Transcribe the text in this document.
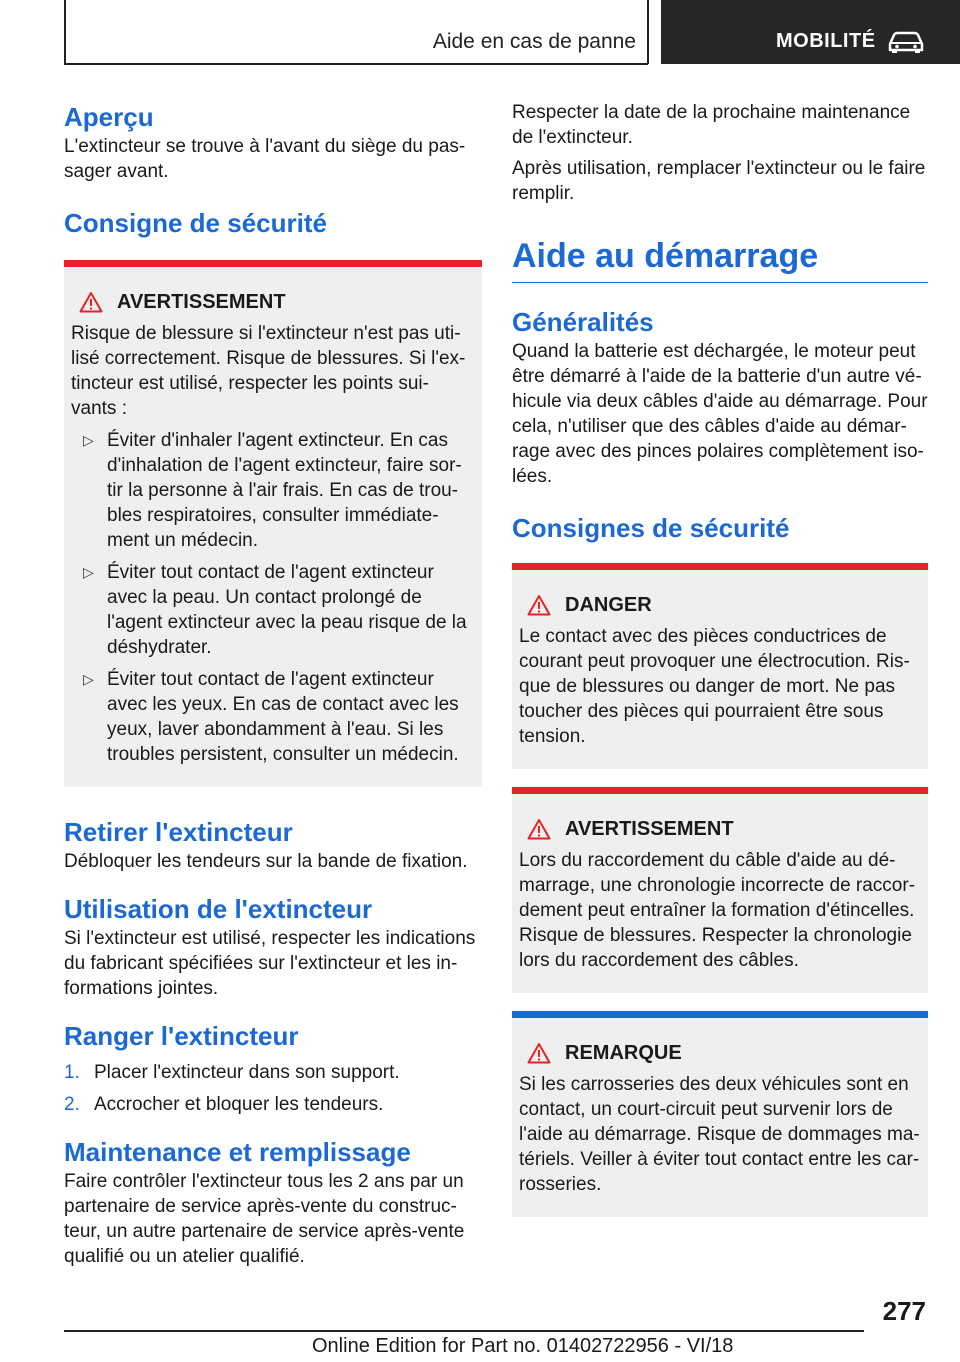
Aide en cas de panne	MOBILITÉ
Aperçu

L'extincteur se trouve à l'avant du siège du pas-sager avant.

Consigne de sécurité
AVERTISSEMENT

Risque de blessure si l'extincteur n'est pas uti-lisé correctement. Risque de blessures. Si l'ex-tincteur est utilisé, respecter les points sui-vants :

▷ Éviter d'inhaler l'agent extincteur. En cas d'inhalation de l'agent extincteur, faire sor-tir la personne à l'air frais. En cas de trou-bles respiratoires, consulter immédiate-ment un médecin.
▷ Éviter tout contact de l'agent extincteur avec la peau. Un contact prolongé de l'agent extincteur avec la peau risque de la déshydrater.
▷ Éviter tout contact de l'agent extincteur avec les yeux. En cas de contact avec les yeux, laver abondamment à l'eau. Si les troubles persistent, consulter un médecin.
Retirer l'extincteur

Débloquer les tendeurs sur la bande de fixation.

Utilisation de l'extincteur

Si l'extincteur est utilisé, respecter les indications du fabricant spécifiées sur l'extincteur et les in-formations jointes.

Ranger l'extincteur
1. Placer l'extincteur dans son support.
2. Accrocher et bloquer les tendeurs.
Maintenance et remplissage

Faire contrôler l'extincteur tous les 2 ans par un partenaire de service après-vente du construc-teur, un autre partenaire de service après-vente qualifié ou un atelier qualifié.

Respecter la date de la prochaine maintenance de l'extincteur.

Après utilisation, remplacer l'extincteur ou le faire remplir.

Aide au démarrage
Généralités

Quand la batterie est déchargée, le moteur peut être démarré à l'aide de la batterie d'un autre vé-hicule via deux câbles d'aide au démarrage. Pour cela, n'utiliser que des câbles d'aide au démar-rage avec des pinces polaires complètement iso-lées.

Consignes de sécurité
DANGER

Le contact avec des pièces conductrices de courant peut provoquer une électrocution. Ris-que de blessures ou danger de mort. Ne pas toucher des pièces qui pourraient être sous tension.

AVERTISSEMENT

Lors du raccordement du câble d'aide au dé-marrage, une chronologie incorrecte de raccor-dement peut entraîner la formation d'étincelles. Risque de blessures. Respecter la chronologie lors du raccordement des câbles.

REMARQUE

Si les carrosseries des deux véhicules sont en contact, un court-circuit peut survenir lors de l'aide au démarrage. Risque de dommages ma-tériels. Veiller à éviter tout contact entre les car-rosseries.

277
Online Edition for Part no. 01402722956 - VI/18
